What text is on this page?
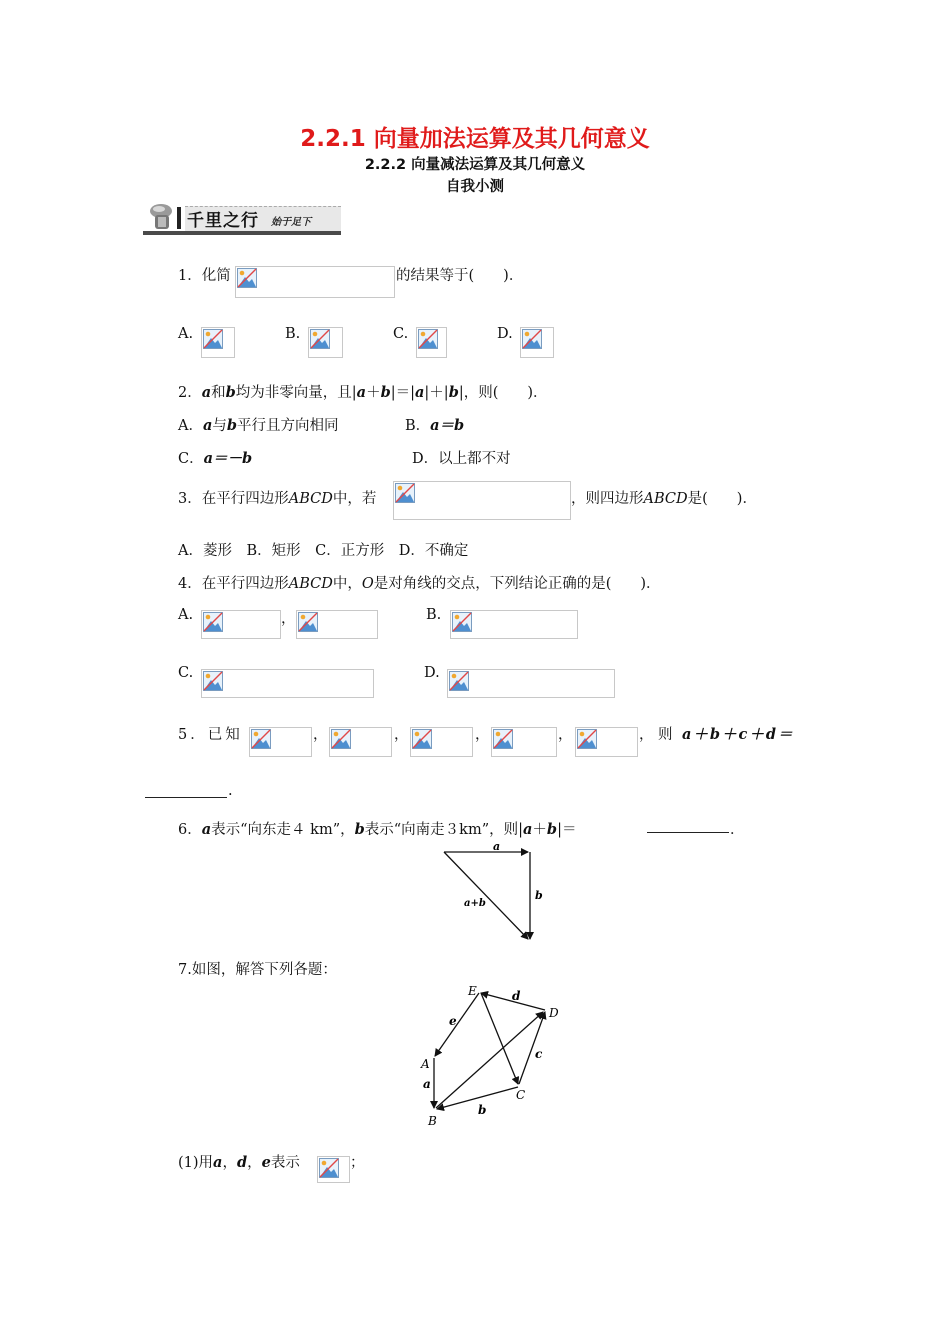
2.2.1 向量加法运算及其几何意义
2.2.2 向量减法运算及其几何意义
自我小测
千里之行 始于足下
1．化简	的结果等于(　　)．
A.	B.	C.	D.
2．a和b均为非零向量，且|a＋b|＝|a|＋|b|，则(　　)．
A．a与b平行且方向相同	B．a＝b
C．a＝－b	D．以上都不对
3．在平行四边形ABCD中，若	，则四边形ABCD是(　　)．
A．菱形　B．矩形　C．正方形　D．不确定
4．在平行四边形ABCD中，O是对角线的交点，下列结论正确的是(　　)．
A.	，	B.
C.	D.
5．已知	，	，	，	，	， 则 a＋b＋c＋d＝
.
6．a表示“向东走４ km”，b表示“向南走３km”，则|a＋b|＝	．
a
b
a+b
7.如图，解答下列各题：
E
D
A
B
C
a
b
c
d
e
(1)用a，d，e表示	；
